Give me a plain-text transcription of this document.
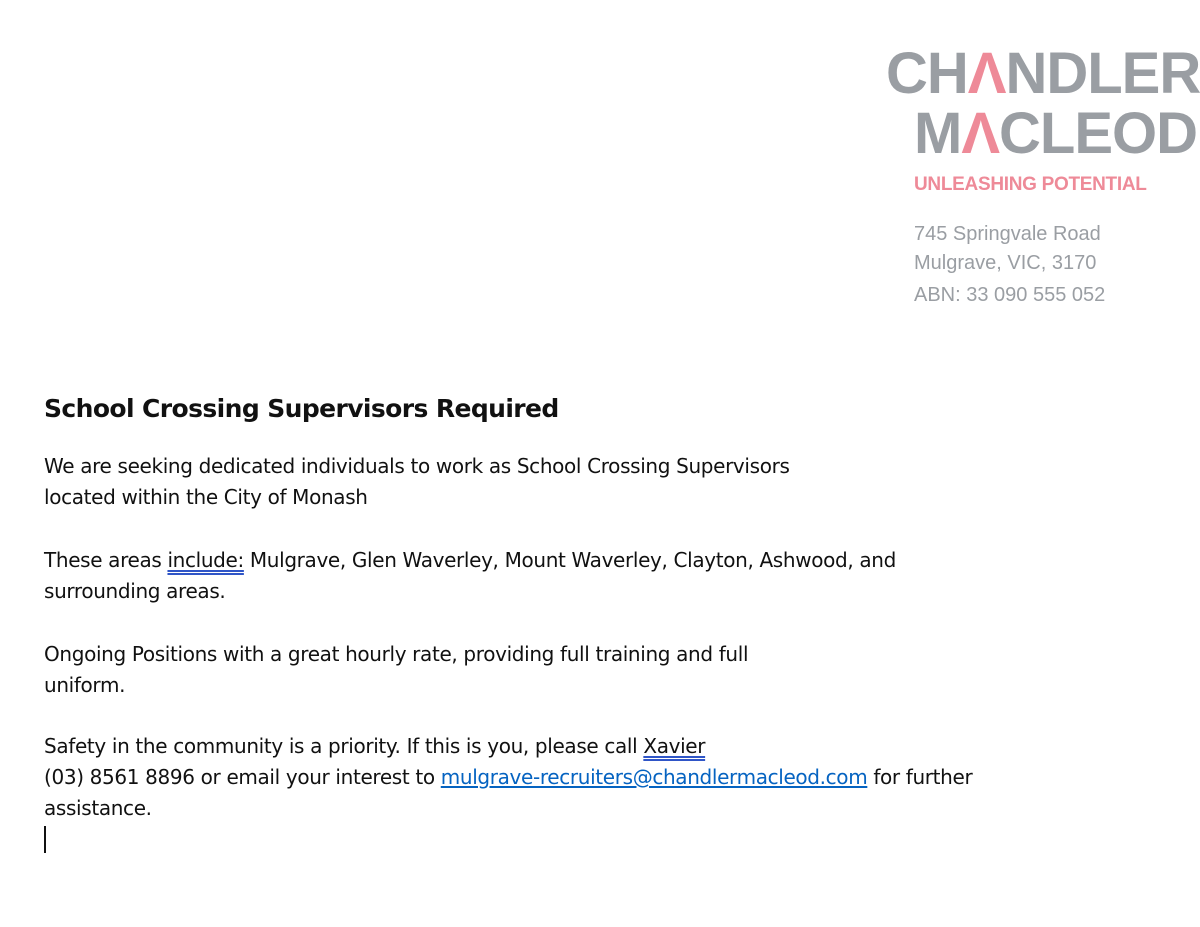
CHΛNDLER
MΛCLEOD
UNLEASHING POTENTIAL
745 Springvale Road
Mulgrave, VIC, 3170
ABN: 33 090 555 052
School Crossing Supervisors Required
We are seeking dedicated individuals to work as School Crossing Supervisors
located within the City of Monash
These areas include: Mulgrave, Glen Waverley, Mount Waverley, Clayton, Ashwood, and
surrounding areas.
Ongoing Positions with a great hourly rate, providing full training and full
uniform.
Safety in the community is a priority. If this is you, please call Xavier
(03) 8561 8896 or email your interest to mulgrave-recruiters@chandlermacleod.com for further
assistance.
